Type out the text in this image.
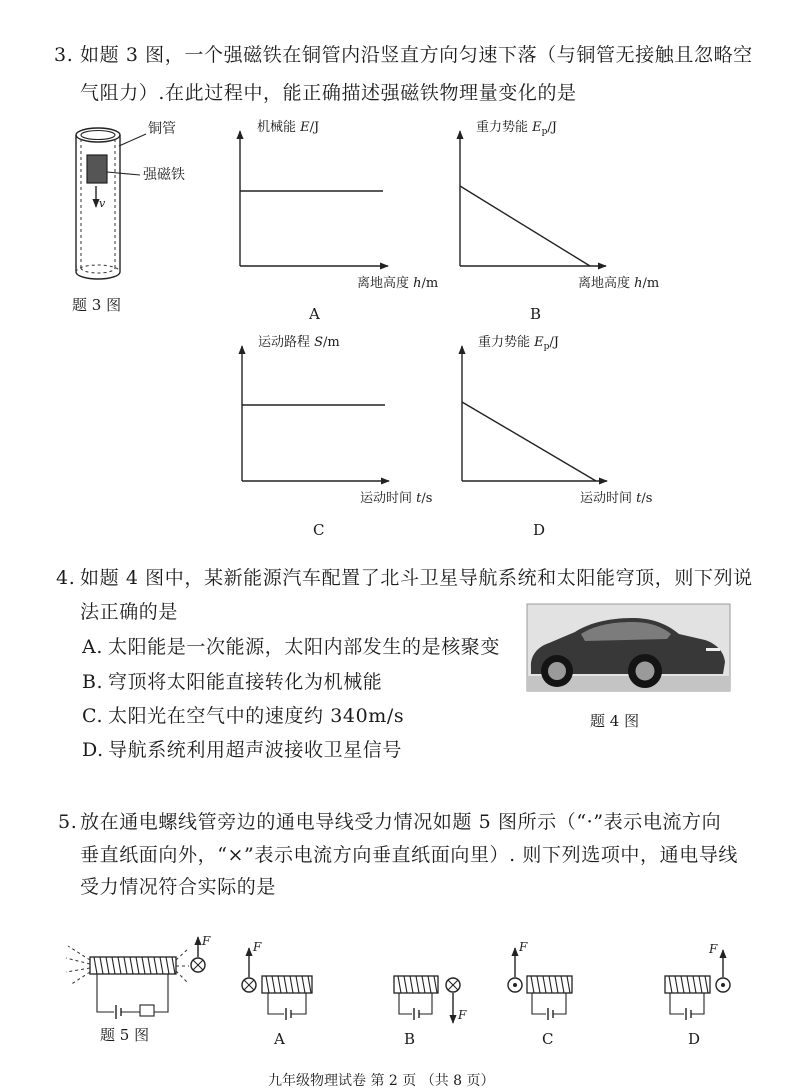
3. 如题 3 图，一个强磁铁在铜管内沿竖直方向匀速下落（与铜管无接触且忽略空
气阻力）.在此过程中，能正确描述强磁铁物理量变化的是
铜管
强磁铁
v
题 3 图
机械能 E/J
离地高度 h/m
A
重力势能 $E_p/J$
离地高度 h/m
B
运动路程 S/m
运动时间 t/s
C
重力势能 $E_p/J$
运动时间 t/s
D
4. 如题 4 图中，某新能源汽车配置了北斗卫星导航系统和太阳能穹顶，则下列说
法正确的是
A. 太阳能是一次能源，太阳内部发生的是核聚变
B. 穹顶将太阳能直接转化为机械能
C. 太阳光在空气中的速度约 340m/s
D. 导航系统利用超声波接收卫星信号
题 4 图
5. 放在通电螺线管旁边的通电导线受力情况如题 5 图所示（“·”表示电流方向
垂直纸面向外，“×”表示电流方向垂直纸面向里）. 则下列选项中，通电导线
受力情况符合实际的是
F	F
F
F	F
题 5 图	A	B	C	D
九年级物理试卷 第 2 页 （共 8 页）
